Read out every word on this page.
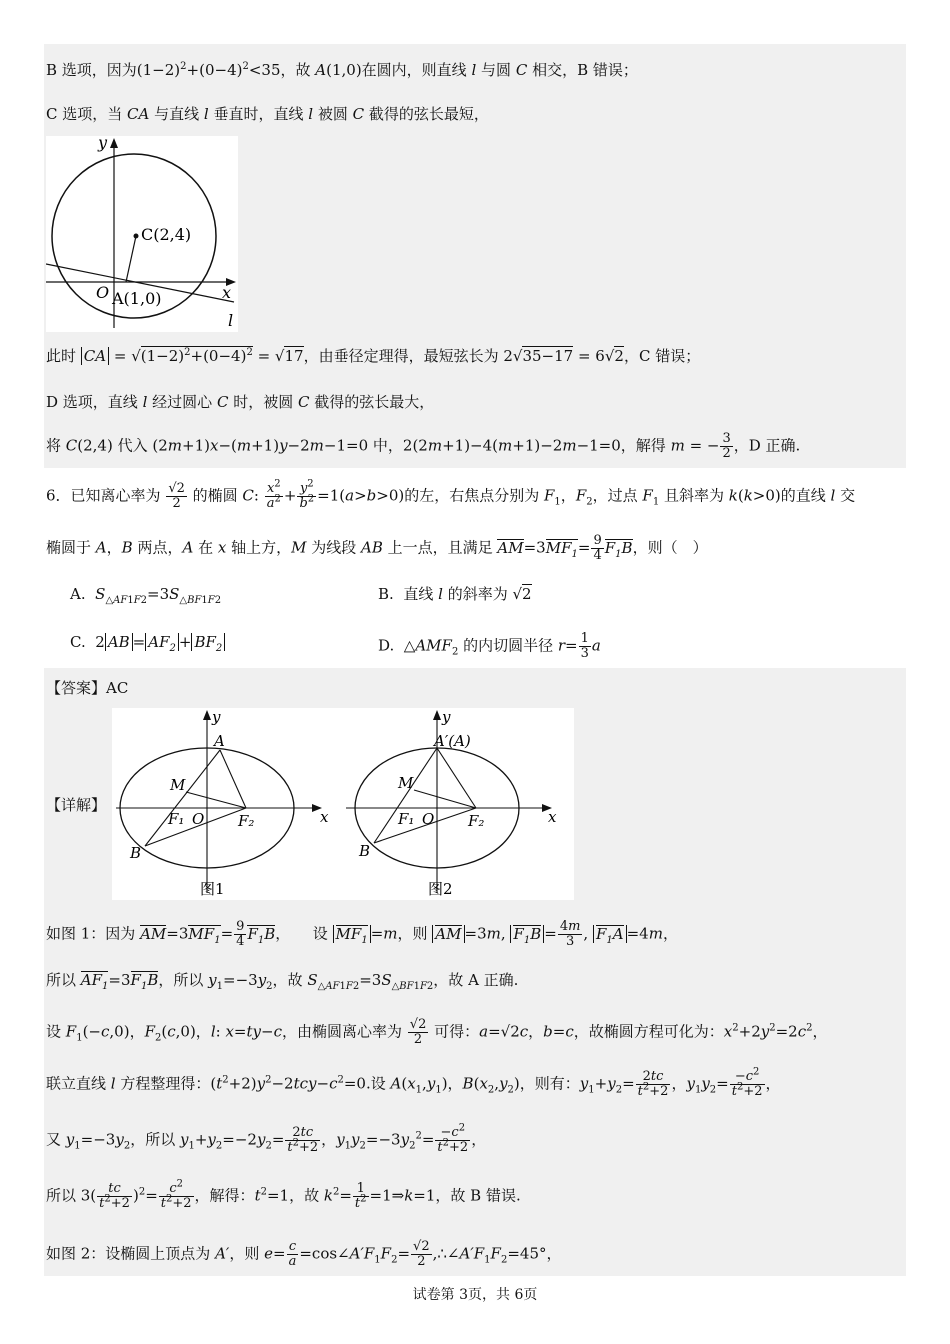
B 选项，因为$(1-2)^2+(0-4)^2<35$，故 A(1,0)在圆内，则直线 l 与圆 C 相交，B 错误；
C 选项，当 CA 与直线 l 垂直时，直线 l 被圆 C 截得的弦长最短，
y
C(2,4)
x
O A(1,0)
l
此时 CA = $√(1-2)^2+(0-4)^2 = √17$，由垂径定理得，最短弦长为 2√35−17 = 6√2，C 错误；
D 选项，直线 l 经过圆心 C 时，被圆 C 截得的弦长最大，
将 C(2,4) 代入 (2m+1)x−(m+1)y−2m−1=0 中，2(2m+1)−4(m+1)−2m−1=0，解得 m = − $\frac{3}{2}$ ，D 正确.
6．已知离心率为 $\frac{√2}{2}$ 的椭圆 C: $\frac{x^2}{a^2} + \frac{y^2}{b^2} =1(a>b>0)$的左，右焦点分别为 $F_1$，$F_2$，过点 $F_1$ 且斜率为 k(k>0)的直线 l 交
椭圆于 A，B 两点，A 在 x 轴上方，M 为线段 AB 上一点，且满足 $AM=3MF_1= \frac{9}{4} F_1B$，则（　）
A. $S_{\triangle AF1F2}=3S_{\triangle BF1F2}$	B.  直线 l 的斜率为 √2
C.  2 AB = $AF_2 + BF_2$	D.  $\triangle AMF_2$ 的内切圆半径 $r= \frac{1}{3}$ a
【答案】AC
【详解】
y
x
A
M
F₁ O F₂
B
图1
y
x
A′(A)
M
F₁ O F₂
B
图2
如图 1：因为 $AM=3MF_1= \frac{9}{4} F_1B$，　　设 $MF_1 =m$，则 AM =3m, $F_1B = \frac{4m}{3}$ , $F_1A =4m$，
所以 $AF_1=3F_1B$，所以 $y_1=-3y_2$，故 $S_{\triangle AF1F2}=3S_{\triangle BF1F2}$，故 A 正确.
设 $F_1(-c,0)$，$F_2(c,0)$，l: x=ty−c，由椭圆离心率为 $\frac{√2}{2}$ 可得：a=√2c，b=c，故椭圆方程可化为：$x^2+2y^2=2c^2$，
联立直线 l 方程整理得：$(t^2+2)y^2-2tcy-c^2=0$.设 $A(x_1,y_1)$，$B(x_2,y_2)$，则有：$y_1+y_2= \frac{2tc}{t^2+2}$ ，$y_1y_2= \frac{-c^2}{t^2+2}$ ，
又 $y_1=-3y_2$，所以 $y_1+y_2=-2y_2= \frac{2tc}{t^2+2}$ ，$y_1y_2=-3y_2^2= \frac{-c^2}{t^2+2}$ ，
所以 $3( \frac{tc}{t^2+2} )^2= \frac{c^2}{t^2+2}$ ，解得：$t^2=1$，故 $k^2= \frac{1}{t^2}$ =1⇒k=1，故 B 错误.
如图 2：设椭圆上顶点为 A′，则 $e= \frac{c}{a}$ $=\cos\angle A'F_1F_2= \frac{√2}{2}$ $,\therefore\angle A'F_1F_2=45^\circ$，
试卷第 3页，共 6页
